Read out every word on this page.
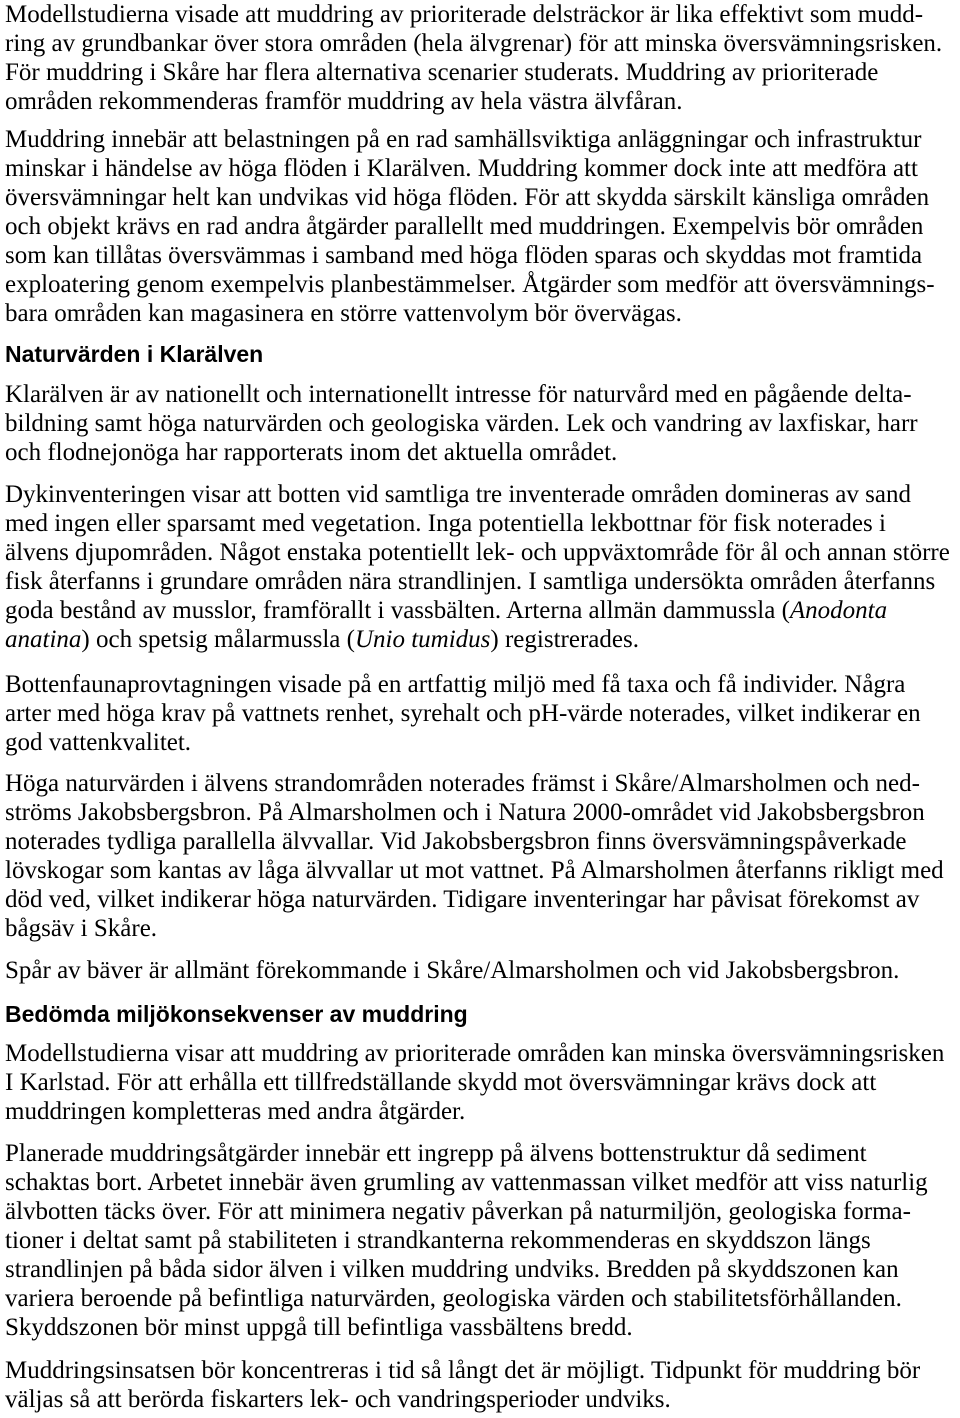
Modellstudierna visade att muddring av prioriterade delsträckor är lika effektivt som mudd-
ring av grundbankar över stora områden (hela älvgrenar) för att minska översvämningsrisken.
För muddring i Skåre har flera alternativa scenarier studerats. Muddring av prioriterade
områden rekommenderas framför muddring av hela västra älvfåran.

Muddring innebär att belastningen på en rad samhällsviktiga anläggningar och infrastruktur
minskar i händelse av höga flöden i Klarälven. Muddring kommer dock inte att medföra att
översvämningar helt kan undvikas vid höga flöden. För att skydda särskilt känsliga områden
och objekt krävs en rad andra åtgärder parallellt med muddringen. Exempelvis bör områden
som kan tillåtas översvämmas i samband med höga flöden sparas och skyddas mot framtida
exploatering genom exempelvis planbestämmelser. Åtgärder som medför att översvämnings-
bara områden kan magasinera en större vattenvolym bör övervägas.

Naturvärden i Klarälven

Klarälven är av nationellt och internationellt intresse för naturvård med en pågående delta-
bildning samt höga naturvärden och geologiska värden. Lek och vandring av laxfiskar, harr
och flodnejonöga har rapporterats inom det aktuella området.

Dykinventeringen visar att botten vid samtliga tre inventerade områden domineras av sand
med ingen eller sparsamt med vegetation. Inga potentiella lekbottnar för fisk noterades i
älvens djupområden. Något enstaka potentiellt lek- och uppväxtområde för ål och annan större
fisk återfanns i grundare områden nära strandlinjen. I samtliga undersökta områden återfanns
goda bestånd av musslor, framförallt i vassbälten. Arterna allmän dammussla (Anodonta
anatina) och spetsig målarmussla (Unio tumidus) registrerades.

Bottenfaunaprovtagningen visade på en artfattig miljö med få taxa och få individer. Några
arter med höga krav på vattnets renhet, syrehalt och pH-värde noterades, vilket indikerar en
god vattenkvalitet.

Höga naturvärden i älvens strandområden noterades främst i Skåre/Almarsholmen och ned-
ströms Jakobsbergsbron. På Almarsholmen och i Natura 2000-området vid Jakobsbergsbron
noterades tydliga parallella älvvallar. Vid Jakobsbergsbron finns översvämningspåverkade
lövskogar som kantas av låga älvvallar ut mot vattnet. På Almarsholmen återfanns rikligt med
död ved, vilket indikerar höga naturvärden. Tidigare inventeringar har påvisat förekomst av
bågsäv i Skåre.

Spår av bäver är allmänt förekommande i Skåre/Almarsholmen och vid Jakobsbergsbron.

Bedömda miljökonsekvenser av muddring

Modellstudierna visar att muddring av prioriterade områden kan minska översvämningsrisken
I Karlstad. För att erhålla ett tillfredställande skydd mot översvämningar krävs dock att
muddringen kompletteras med andra åtgärder.

Planerade muddringsåtgärder innebär ett ingrepp på älvens bottenstruktur då sediment
schaktas bort. Arbetet innebär även grumling av vattenmassan vilket medför att viss naturlig
älvbotten täcks över. För att minimera negativ påverkan på naturmiljön, geologiska forma-
tioner i deltat samt på stabiliteten i strandkanterna rekommenderas en skyddszon längs
strandlinjen på båda sidor älven i vilken muddring undviks. Bredden på skyddszonen kan
variera beroende på befintliga naturvärden, geologiska värden och stabilitetsförhållanden.
Skyddszonen bör minst uppgå till befintliga vassbältens bredd.

Muddringsinsatsen bör koncentreras i tid så långt det är möjligt. Tidpunkt för muddring bör
väljas så att berörda fiskarters lek- och vandringsperioder undviks.
